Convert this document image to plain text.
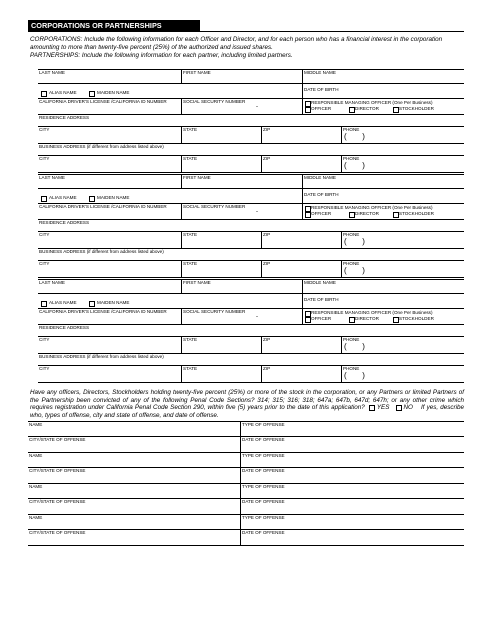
CORPORATIONS OR PARTNERSHIPS

CORPORATIONS: Include the following information for each Officer and Director, and for each person who has a financial interest in the corporation amounting to more than twenty-five percent (25%) of the authorized and issued shares.

PARTNERSHIPS: Include the following information for each partner, including limited partners.

LAST NAME	FIRST NAME	MIDDLE NAME
ALIAS NAME	MAIDEN NAME
DATE OF BIRTH
CALIFORNIA DRIVER'S LICENSE /CALIFORNIA ID NUMBER	SOCIAL SECURITY NUMBER
-
RESPONSIBLE MANAGING OFFICER (One Per Business)
OFFICER	DIRECTOR	STOCKHOLDER
RESIDENCE ADDRESS
CITY	STATE	ZIP	PHONE
(       )
BUSINESS ADDRESS (if different from address listed above)
CITY	STATE	ZIP	PHONE
(       )
LAST NAME	FIRST NAME	MIDDLE NAME
ALIAS NAME	MAIDEN NAME
DATE OF BIRTH
CALIFORNIA DRIVER'S LICENSE /CALIFORNIA ID NUMBER	SOCIAL SECURITY NUMBER
-
RESPONSIBLE MANAGING OFFICER (One Per Business)
OFFICER	DIRECTOR	STOCKHOLDER
RESIDENCE ADDRESS
CITY	STATE	ZIP	PHONE
(       )
BUSINESS ADDRESS (if different from address listed above)
CITY	STATE	ZIP	PHONE
(       )
LAST NAME	FIRST NAME	MIDDLE NAME
ALIAS NAME	MAIDEN NAME
DATE OF BIRTH
CALIFORNIA DRIVER'S LICENSE /CALIFORNIA ID NUMBER	SOCIAL SECURITY NUMBER
-
RESPONSIBLE MANAGING OFFICER (One Per Business)
OFFICER	DIRECTOR	STOCKHOLDER
RESIDENCE ADDRESS
CITY	STATE	ZIP	PHONE
(       )
BUSINESS ADDRESS (if different from address listed above)
CITY	STATE	ZIP	PHONE
(       )
Have any officers, Directors, Stockholders holding twenty-five percent (25%) or more of the stock in the corporation, or any Partners or limited Partners of the Partnership been convicted of any of the following Penal Code Sections? 314; 315; 316; 318; 647a; 647b, 647d; 647h; or any other crime which requires registration under California Penal Code Section 290, within five (5) years prior to the date of this application? YES NO If yes, describe who, types of offense, city and state of offense, and date of offense.
NAME	TYPE OF OFFENSE
CITY/STATE OF OFFENSE	DATE OF OFFENSE
NAME	TYPE OF OFFENSE
CITY/STATE OF OFFENSE	DATE OF OFFENSE
NAME	TYPE OF OFFENSE
CITY/STATE OF OFFENSE	DATE OF OFFENSE
NAME	TYPE OF OFFENSE
CITY/STATE OF OFFENSE	DATE OF OFFENSE
